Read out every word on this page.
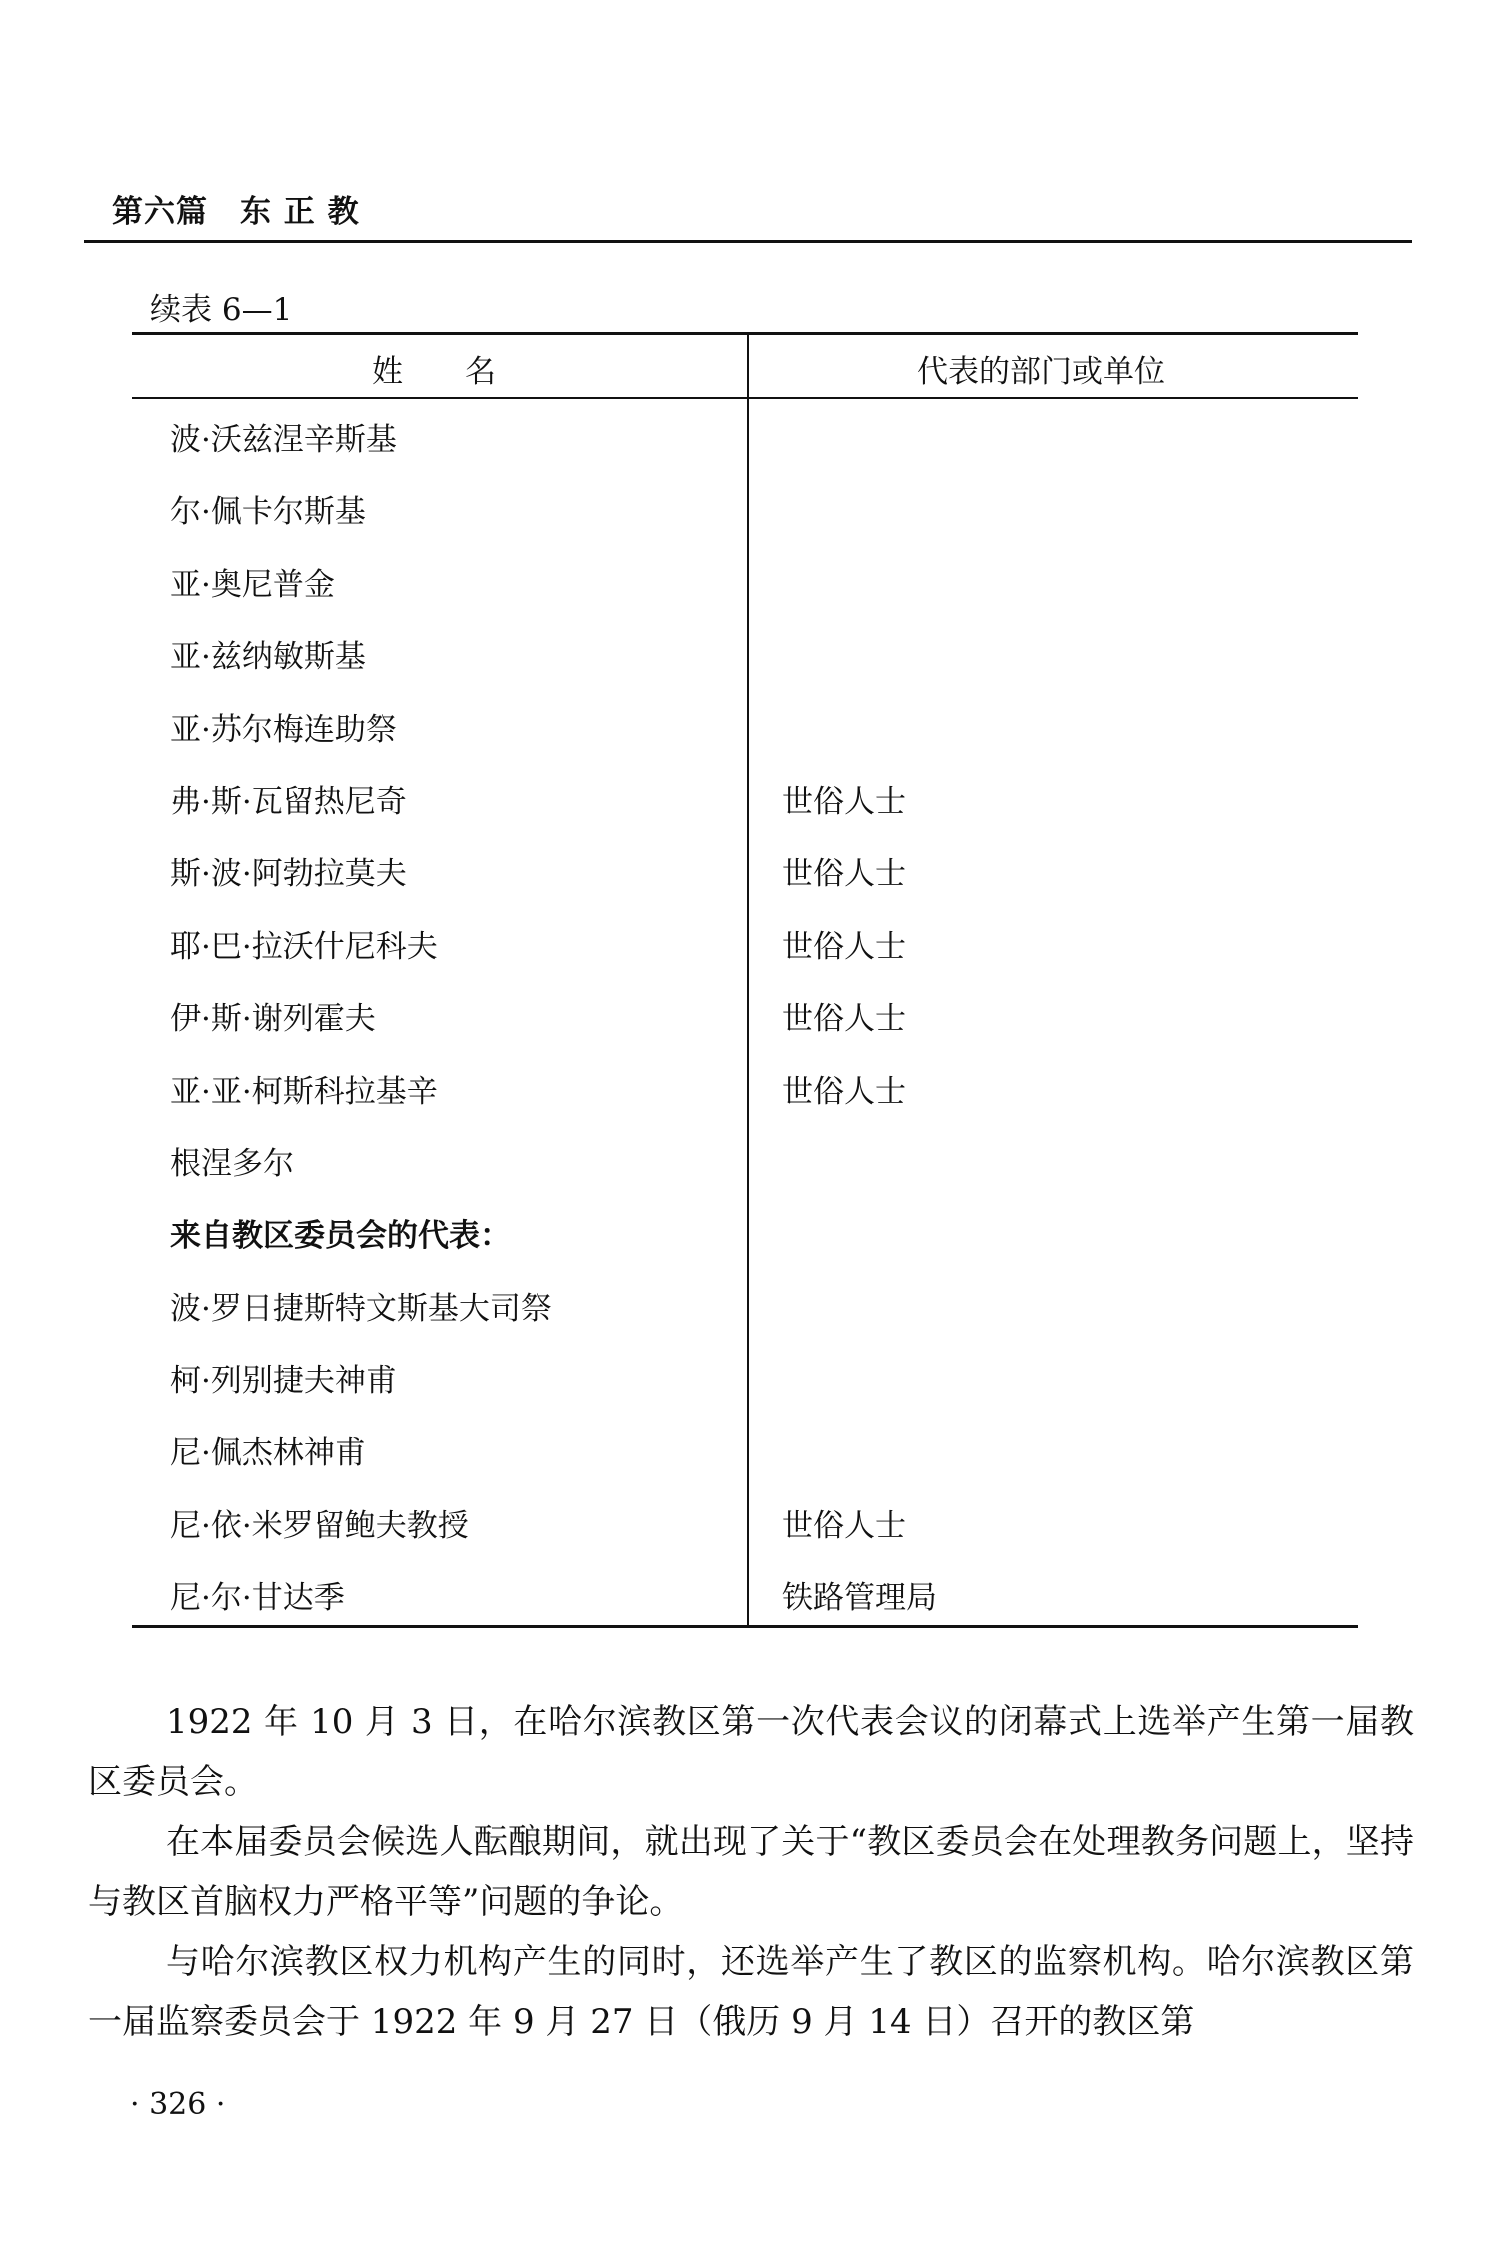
第六篇　东 正 教
续表 6—1
姓　　名	代表的部门或单位
波·沃兹涅辛斯基
尔·佩卡尔斯基
亚·奥尼普金
亚·兹纳敏斯基
亚·苏尔梅连助祭
弗·斯·瓦留热尼奇	世俗人士
斯·波·阿勃拉莫夫	世俗人士
耶·巴·拉沃什尼科夫	世俗人士
伊·斯·谢列霍夫	世俗人士
亚·亚·柯斯科拉基辛	世俗人士
根涅多尔
来自教区委员会的代表：
波·罗日捷斯特文斯基大司祭
柯·列别捷夫神甫
尼·佩杰林神甫
尼·依·米罗留鲍夫教授	世俗人士
尼·尔·甘达季	铁路管理局

1922 年 10 月 3 日，在哈尔滨教区第一次代表会议的闭幕式上选举产生第一届教区委员会。

在本届委员会候选人酝酿期间，就出现了关于“教区委员会在处理教务问题上，坚持与教区首脑权力严格平等”问题的争论。

与哈尔滨教区权力机构产生的同时，还选举产生了教区的监察机构。哈尔滨教区第一届监察委员会于 1922 年 9 月 27 日（俄历 9 月 14 日）召开的教区第

· 326 ·
